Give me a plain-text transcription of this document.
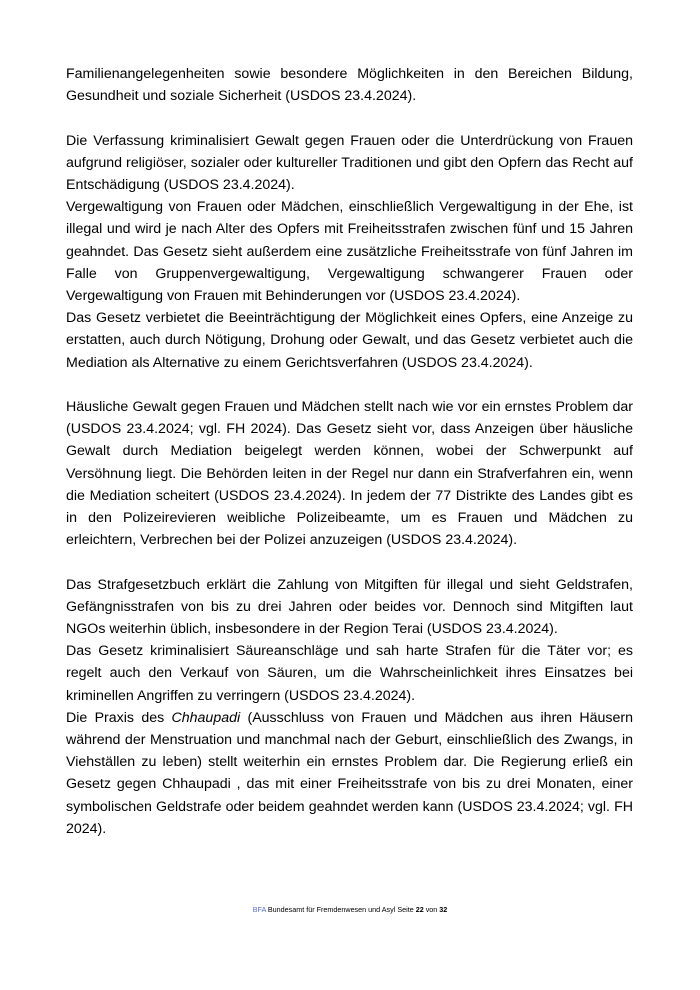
Familienangelegenheiten sowie besondere Möglichkeiten in den Bereichen Bildung, Gesundheit und soziale Sicherheit (USDOS 23.4.2024).

Die Verfassung kriminalisiert Gewalt gegen Frauen oder die Unterdrückung von Frauen aufgrund religiöser, sozialer oder kultureller Traditionen und gibt den Opfern das Recht auf Entschädigung (USDOS 23.4.2024).

Vergewaltigung von Frauen oder Mädchen, einschließlich Vergewaltigung in der Ehe, ist illegal und wird je nach Alter des Opfers mit Freiheitsstrafen zwischen fünf und 15 Jahren geahndet. Das Gesetz sieht außerdem eine zusätzliche Freiheitsstrafe von fünf Jahren im Falle von Gruppenvergewaltigung, Vergewaltigung schwangerer Frauen oder Vergewaltigung von Frauen mit Behinderungen vor (USDOS 23.4.2024).

Das Gesetz verbietet die Beeinträchtigung der Möglichkeit eines Opfers, eine Anzeige zu erstatten, auch durch Nötigung, Drohung oder Gewalt, und das Gesetz verbietet auch die Mediation als Alternative zu einem Gerichtsverfahren (USDOS 23.4.2024).

Häusliche Gewalt gegen Frauen und Mädchen stellt nach wie vor ein ernstes Problem dar (USDOS 23.4.2024; vgl. FH 2024). Das Gesetz sieht vor, dass Anzeigen über häusliche Gewalt durch Mediation beigelegt werden können, wobei der Schwerpunkt auf Versöhnung liegt. Die Behörden leiten in der Regel nur dann ein Strafverfahren ein, wenn die Mediation scheitert (USDOS 23.4.2024). In jedem der 77 Distrikte des Landes gibt es in den Polizeirevieren weibliche Polizeibeamte, um es Frauen und Mädchen zu erleichtern, Verbrechen bei der Polizei anzuzeigen (USDOS 23.4.2024).

Das Strafgesetzbuch erklärt die Zahlung von Mitgiften für illegal und sieht Geldstrafen, Gefängnisstrafen von bis zu drei Jahren oder beides vor. Dennoch sind Mitgiften laut NGOs weiterhin üblich, insbesondere in der Region Terai (USDOS 23.4.2024).

Das Gesetz kriminalisiert Säureanschläge und sah harte Strafen für die Täter vor; es regelt auch den Verkauf von Säuren, um die Wahrscheinlichkeit ihres Einsatzes bei kriminellen Angriffen zu verringern (USDOS 23.4.2024).

Die Praxis des Chhaupadi (Ausschluss von Frauen und Mädchen aus ihren Häusern während der Menstruation und manchmal nach der Geburt, einschließlich des Zwangs, in Viehställen zu leben) stellt weiterhin ein ernstes Problem dar. Die Regierung erließ ein Gesetz gegen Chhaupadi , das mit einer Freiheitsstrafe von bis zu drei Monaten, einer symbolischen Geldstrafe oder beidem geahndet werden kann (USDOS 23.4.2024; vgl. FH 2024).

BFA Bundesamt für Fremdenwesen und Asyl Seite 22 von 32
